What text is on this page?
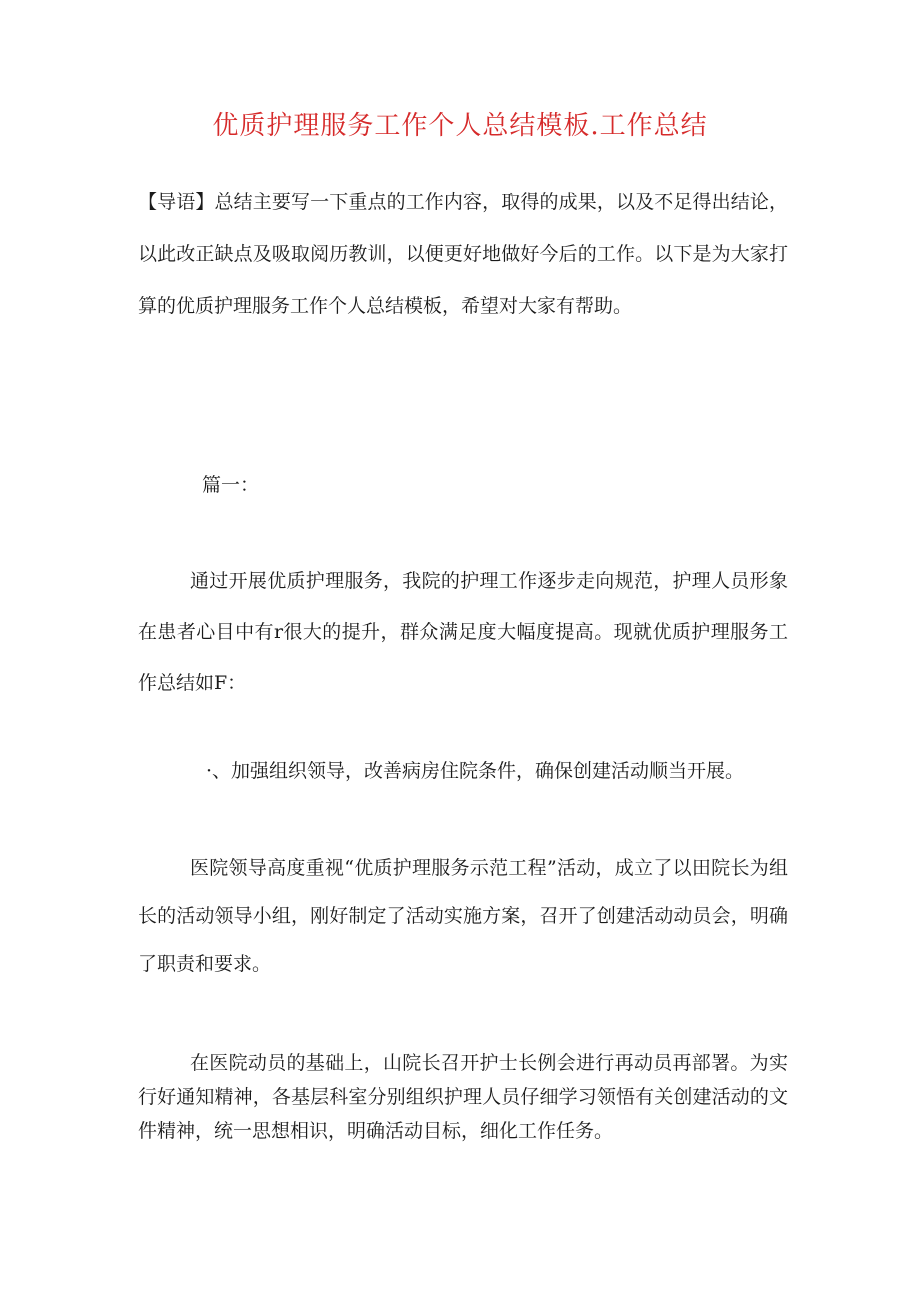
优质护理服务工作个人总结模板.工作总结

【导语】总结主要写一下重点的工作内容，取得的成果，以及不足得出结论，以此改正缺点及吸取阅历教训，以便更好地做好今后的工作。以下是为大家打算的优质护理服务工作个人总结模板，希望对大家有帮助。

篇一：

通过开展优质护理服务，我院的护理工作逐步走向规范，护理人员形象在患者心目中有r很大的提升，群众满足度大幅度提高。现就优质护理服务工作总结如F：

·、加强组织领导，改善病房住院条件，确保创建活动顺当开展。

医院领导高度重视“优质护理服务示范工程”活动，成立了以田院长为组长的活动领导小组，刚好制定了活动实施方案，召开了创建活动动员会，明确了职责和要求。

在医院动员的基础上，山院长召开护士长例会进行再动员再部署。为实行好通知精神，各基层科室分别组织护理人员仔细学习领悟有关创建活动的文件精神，统一思想相识，明确活动目标，细化工作任务。
